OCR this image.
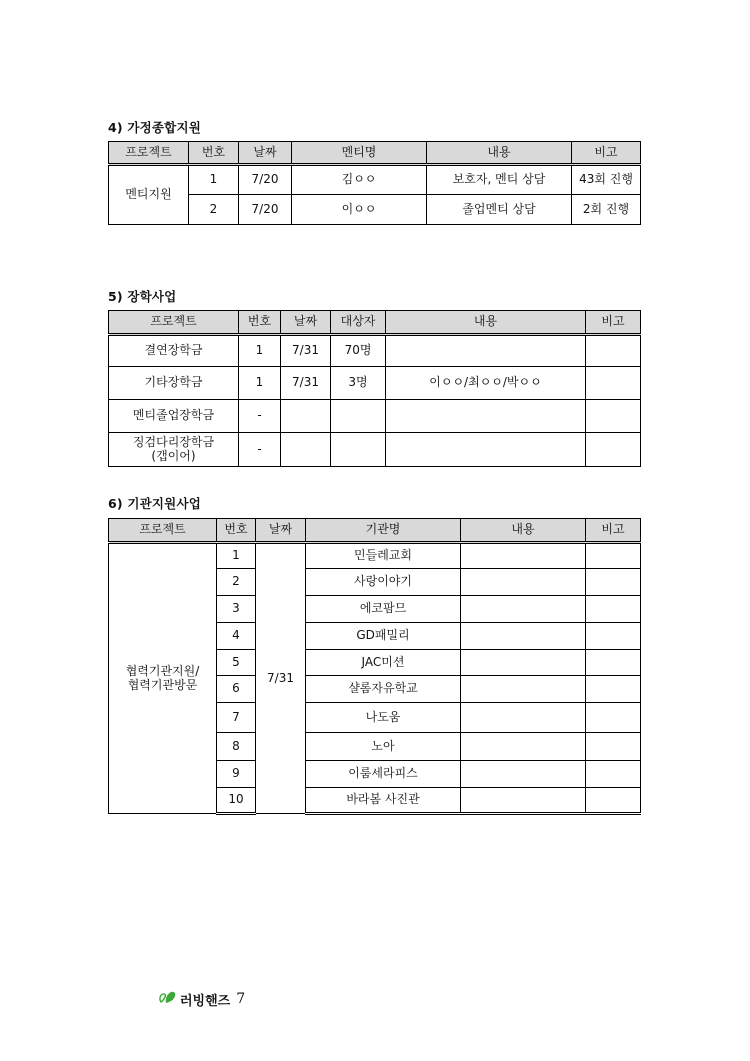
4) 가정종합지원
프로젝트	번호	날짜	멘티명	내용	비고
멘티지원	1	7/20	김ㅇㅇ	보호자, 멘티 상담	43회 진행
	2	7/20	이ㅇㅇ	졸업멘티 상담	2회 진행
5) 장학사업
프로젝트	번호	날짜	대상자	내용	비고
결연장학금	1	7/31	70명		
기타장학금	1	7/31	3명	이ㅇㅇ/최ㅇㅇ/박ㅇㅇ	
멘티졸업장학금	-				

징검다리장학금
(갭이어)	-				
6) 기관지원사업
프로젝트	번호	날짜	기관명	내용	비고

협력기관지원/
협력기관방문	1	7/31	민들레교회		
	2		사랑이야기		
	3		에코팜므		
	4		GD패밀리		
	5		JAC미션		
	6		샬롬자유학교		
	7		나도움		
	8		노아		
	9		이룸세라피스		
	10		바라봄 사진관		
러빙핸즈 7
